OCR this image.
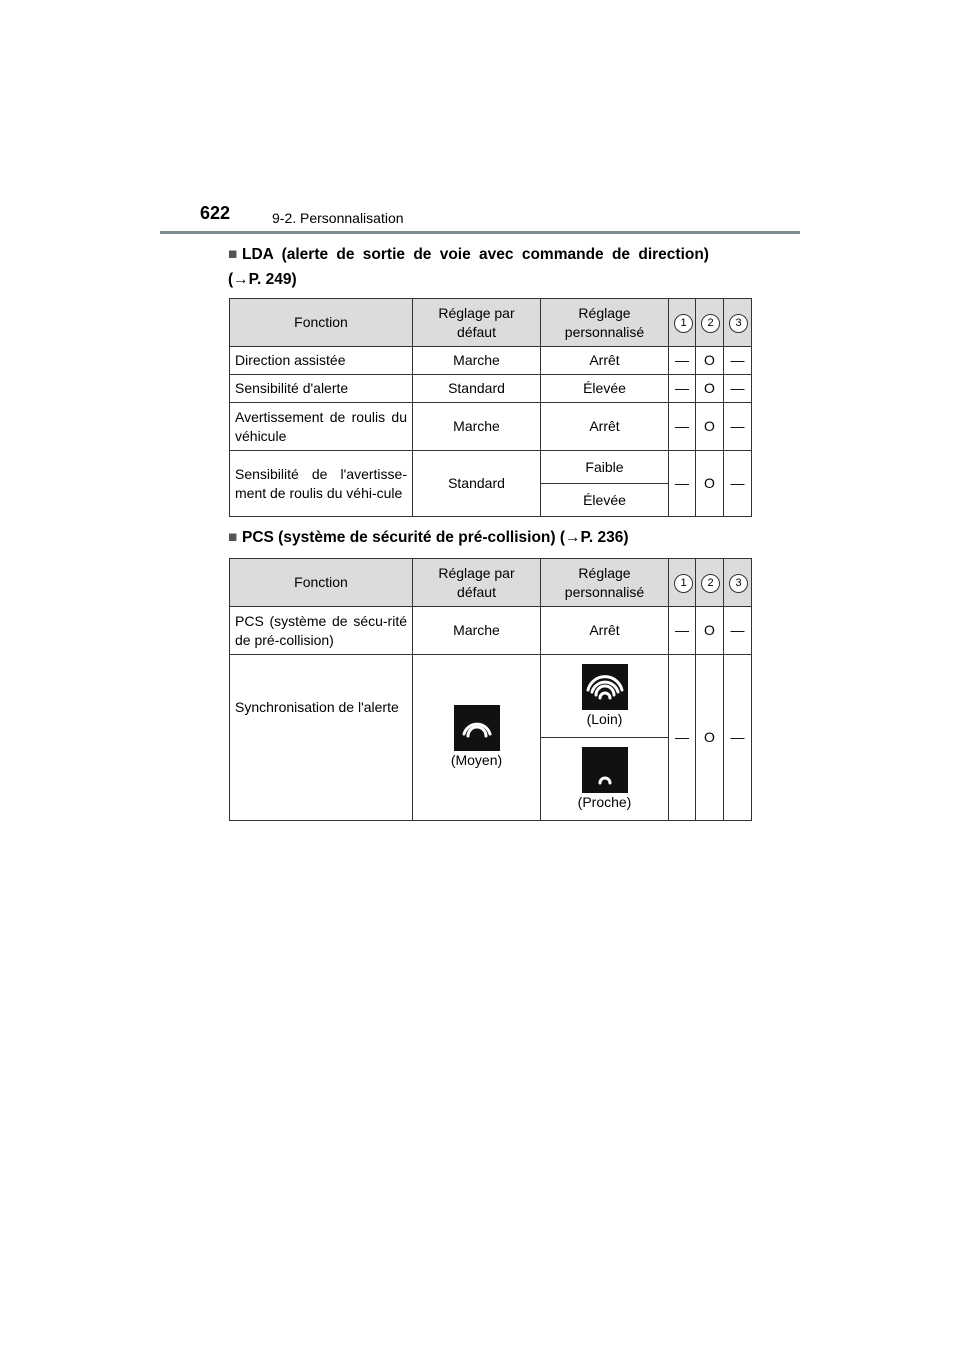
622	9-2. Personnalisation
■ LDA (alerte de sortie de voie avec commande de direction)
(→P. 249)
Fonction	Réglage par défaut	Réglage personnalisé	1	2	3
Direction assistée	Marche	Arrêt	—	O	—
Sensibilité d'alerte	Standard	Élevée	—	O	—
Avertissement de roulis du véhicule	Marche	Arrêt	—	O	—
Sensibilité de l'avertisse-ment de roulis du véhi-cule	Standard	Faible	—	O	—
		Élevée			
■ PCS (système de sécurité de pré-collision) (→P. 236)
Fonction	Réglage par défaut	Réglage personnalisé	1	2	3
PCS (système de sécu-rité de pré-collision)	Marche	Arrêt	—	O	—
Synchronisation de l'alerte	(Moyen)	(Loin)	—	O	—

		(Proche)			
